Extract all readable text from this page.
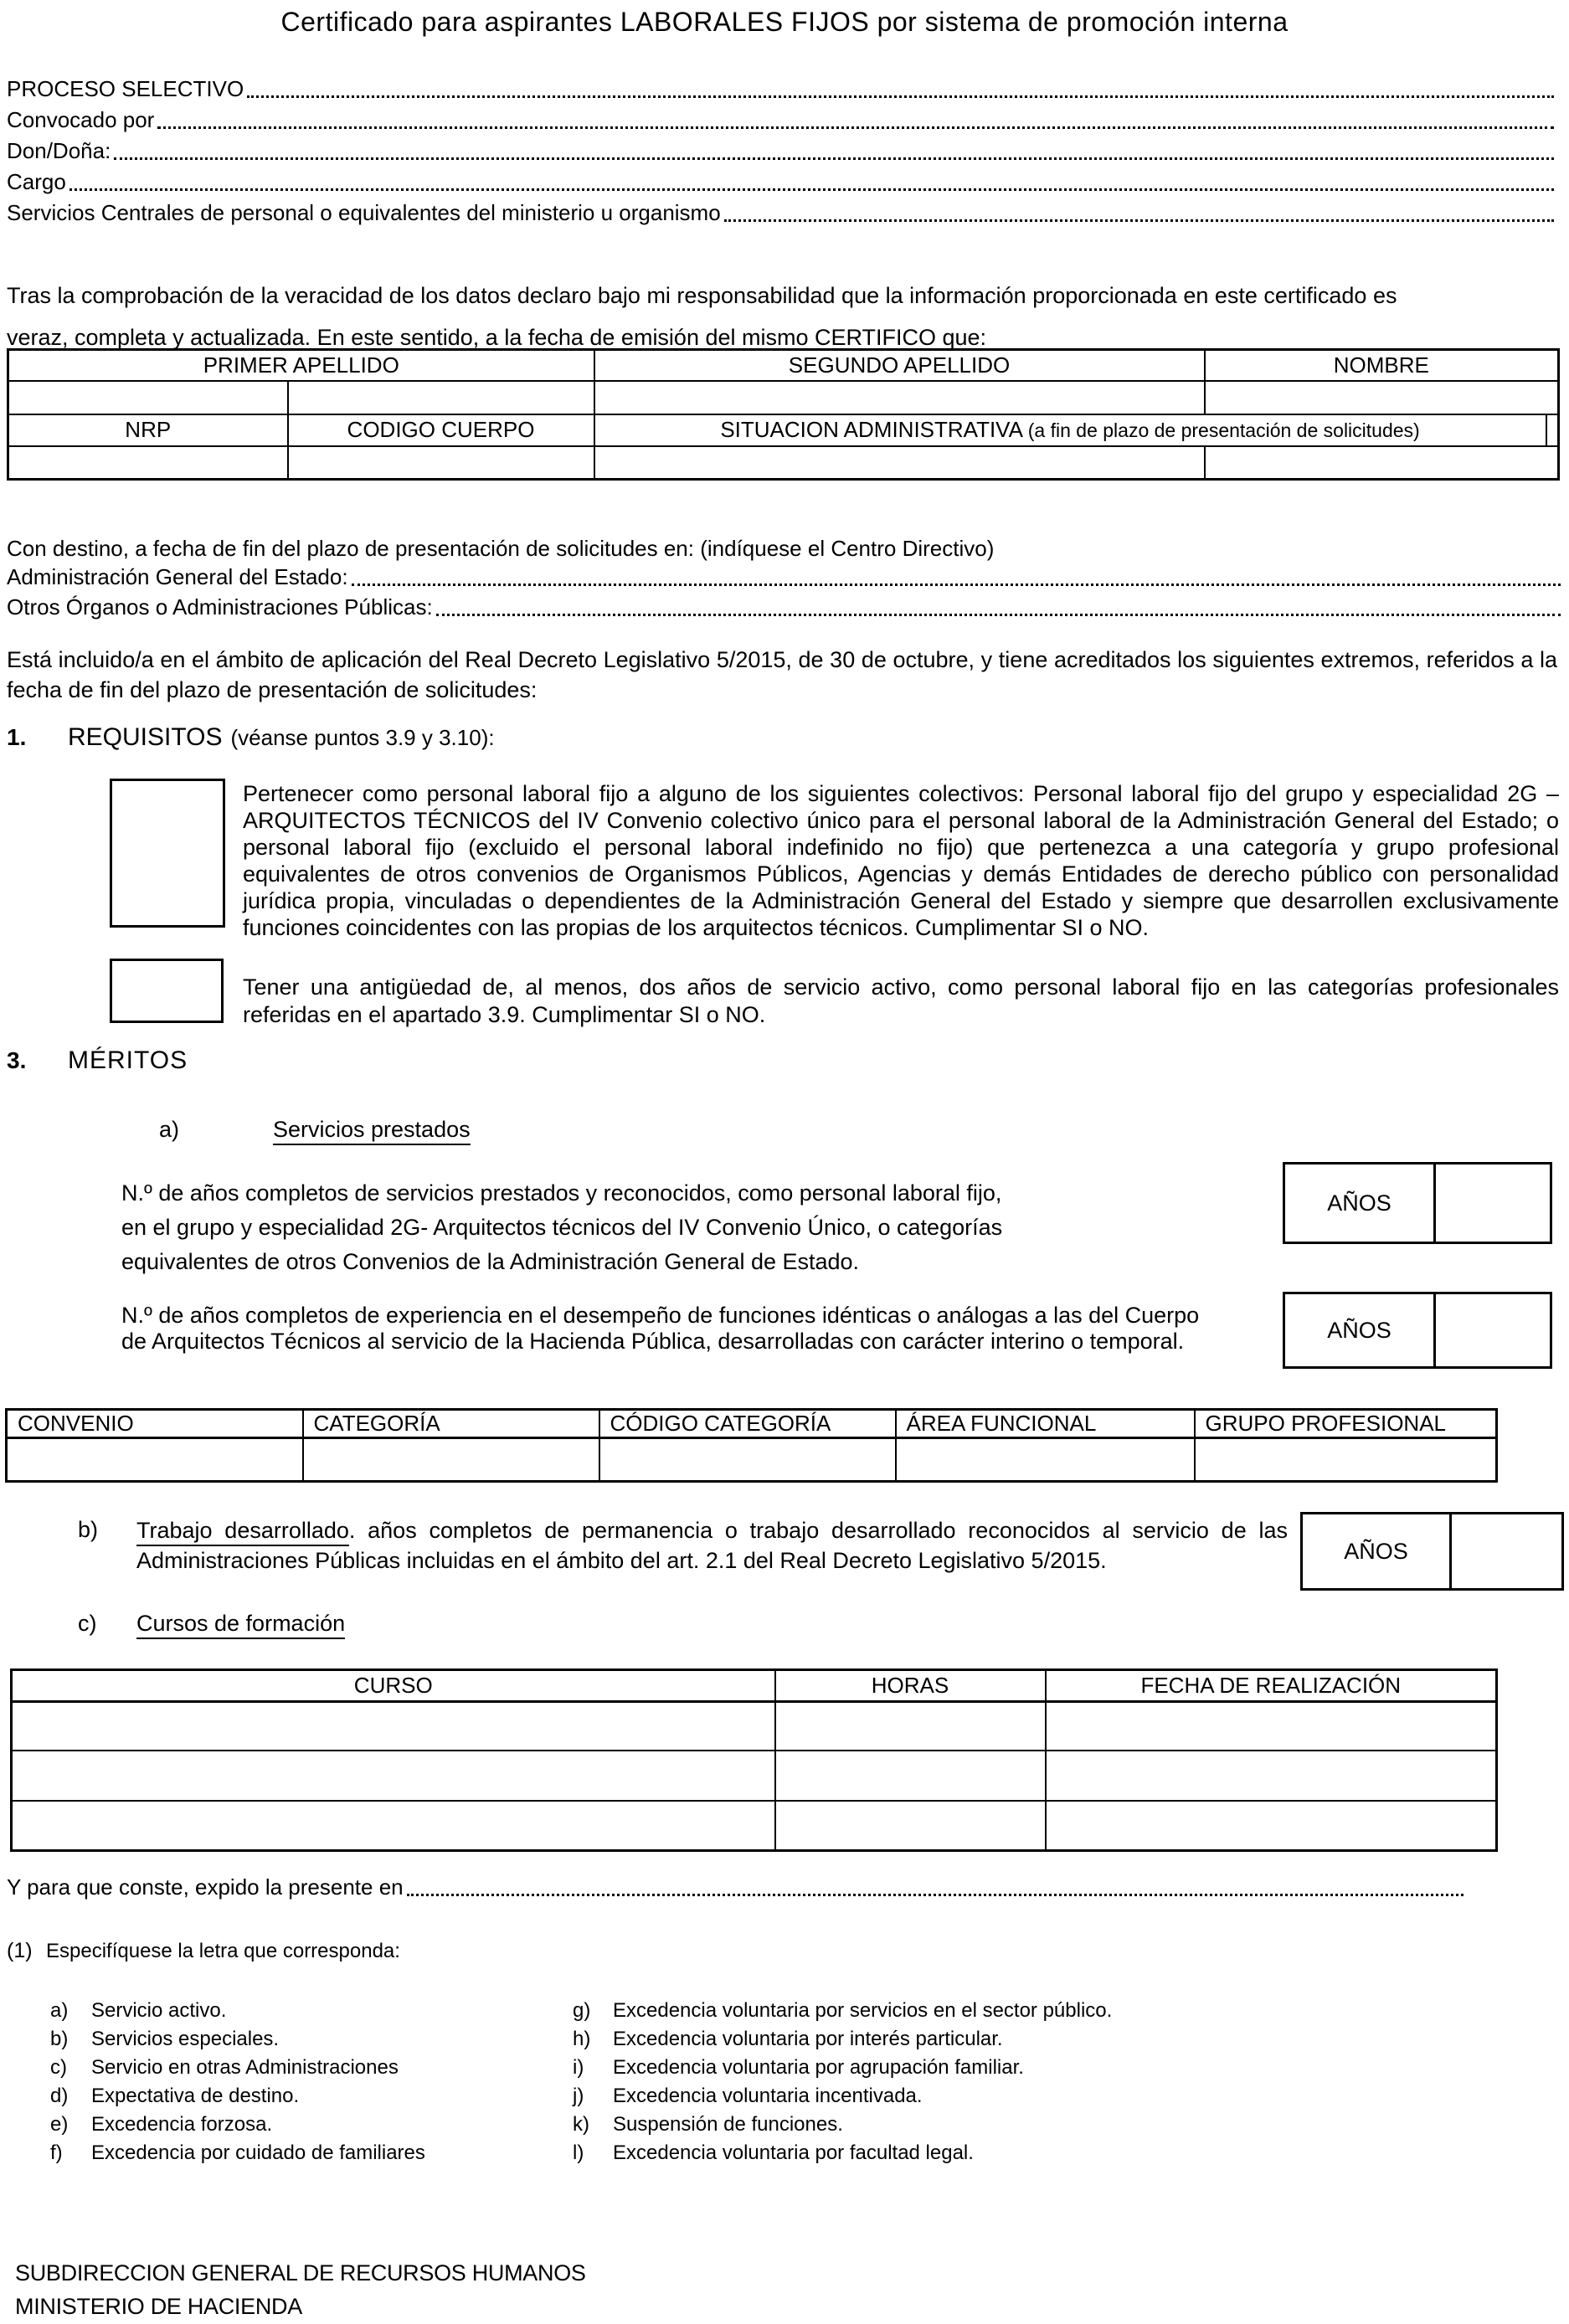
Certificado para aspirantes LABORALES FIJOS por sistema de promoción interna
PROCESO SELECTIVO
Convocado por
Don/Doña:
Cargo
Servicios Centrales de personal o equivalentes del ministerio u organismo
Tras la comprobación de la veracidad de los datos declaro bajo mi responsabilidad que la información proporcionada en este certificado es veraz, completa y actualizada. En este sentido, a la fecha de emisión del mismo CERTIFICO que:
PRIMER APELLIDO		SEGUNDO APELLIDO	NOMBRE	

NRP	CODIGO CUERPO	SITUACION ADMINISTRATIVA (a fin de plazo de presentación de solicitudes)		

Con destino, a fecha de fin del plazo de presentación de solicitudes en: (indíquese el Centro Directivo)
Administración General del Estado:
Otros Órganos o Administraciones Públicas:
Está incluido/a en el ámbito de aplicación del Real Decreto Legislativo 5/2015, de 30 de octubre, y tiene acreditados los siguientes extremos, referidos a la fecha de fin del plazo de presentación de solicitudes:
1. REQUISITOS (véanse puntos 3.9 y 3.10):
Pertenecer como personal laboral fijo a alguno de los siguientes colectivos: Personal laboral fijo del grupo y especialidad 2G – ARQUITECTOS TÉCNICOS del IV Convenio colectivo único para el personal laboral de la Administración General del Estado; o personal laboral fijo (excluido el personal laboral indefinido no fijo) que pertenezca a una categoría y grupo profesional equivalentes de otros convenios de Organismos Públicos, Agencias y demás Entidades de derecho público con personalidad jurídica propia, vinculadas o dependientes de la Administración General del Estado y siempre que desarrollen exclusivamente funciones coincidentes con las propias de los arquitectos técnicos. Cumplimentar SI o NO.
Tener una antigüedad de, al menos, dos años de servicio activo, como personal laboral fijo en las categorías profesionales referidas en el apartado 3.9. Cumplimentar SI o NO.
3. MÉRITOS
a)	Servicios prestados
N.º de años completos de servicios prestados y reconocidos, como personal laboral fijo,
en el grupo y especialidad 2G- Arquitectos técnicos del IV Convenio Único, o categorías
equivalentes de otros Convenios de la Administración General de Estado.
AÑOS
N.º de años completos de experiencia en el desempeño de funciones idénticas o análogas a las del Cuerpo
de Arquitectos Técnicos al servicio de la Hacienda Pública, desarrolladas con carácter interino o temporal.	AÑOS
CONVENIO	CATEGORÍA	CÓDIGO CATEGORÍA	ÁREA FUNCIONAL	GRUPO PROFESIONAL

b) Trabajo desarrollado. años completos de permanencia o trabajo desarrollado reconocidos al servicio de las Administraciones Públicas incluidas en el ámbito del art. 2.1 del Real Decreto Legislativo 5/2015.	AÑOS
c) Cursos de formación
CURSO	HORAS	FECHA DE REALIZACIÓN

Y para que conste, expido la presente en
(1) Especifíquese la letra que corresponda:
a) Servicio activo.	g) Excedencia voluntaria por servicios en el sector público.
b) Servicios especiales.	h) Excedencia voluntaria por interés particular.
c) Servicio en otras Administraciones	i) Excedencia voluntaria por agrupación familiar.
d) Expectativa de destino.	j) Excedencia voluntaria incentivada.
e) Excedencia forzosa.	k) Suspensión de funciones.
f) Excedencia por cuidado de familiares	l) Excedencia voluntaria por facultad legal.
SUBDIRECCION GENERAL DE RECURSOS HUMANOS
MINISTERIO DE HACIENDA
